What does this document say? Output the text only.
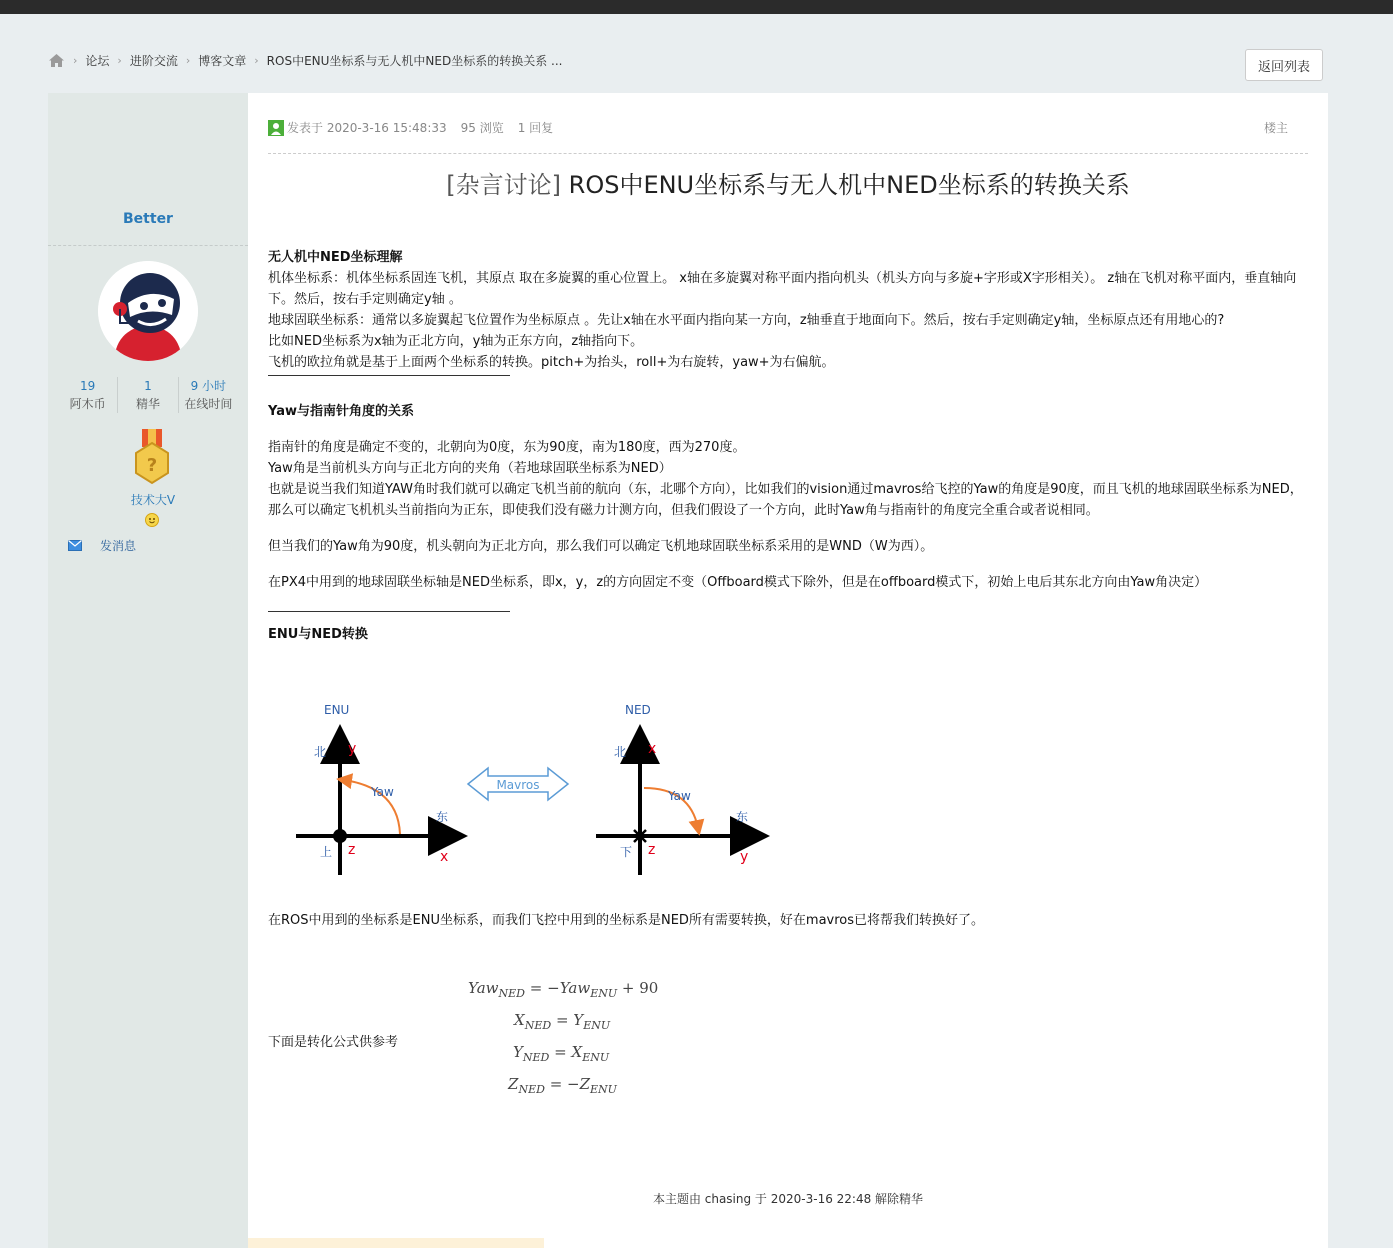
› 论坛 › 进阶交流 › 博客文章 › ROS中ENU坐标系与无人机中NED坐标系的转换关系 ...	返回列表
Better
19
阿木币
1
精华
9 小时
在线时间
?
技术大V
发消息
发表于 2020-3-16 15:48:33 95 浏览 1 回复	楼主
[杂言讨论] ROS中ENU坐标系与无人机中NED坐标系的转换关系

无人机中NED坐标理解

机体坐标系：机体坐标系固连飞机，其原点 取在多旋翼的重心位置上。 x轴在多旋翼对称平面内指向机头（机头方向与多旋+字形或X字形相关）。 z轴在飞机对称平面内，垂直轴向下。然后，按右手定则确定y轴 。

地球固联坐标系：通常以多旋翼起飞位置作为坐标原点 。先让x轴在水平面内指向某一方向，z轴垂直于地面向下。然后，按右手定则确定y轴，坐标原点还有用地心的?

比如NED坐标系为x轴为正北方向，y轴为正东方向，z轴指向下。

飞机的欧拉角就是基于上面两个坐标系的转换。pitch+为抬头，roll+为右旋转，yaw+为右偏航。

Yaw与指南针角度的关系

指南针的角度是确定不变的，北朝向为0度，东为90度，南为180度，西为270度。

Yaw角是当前机头方向与正北方向的夹角（若地球固联坐标系为NED）

也就是说当我们知道YAW角时我们就可以确定飞机当前的航向（东，北哪个方向），比如我们的vision通过mavros给飞控的Yaw的角度是90度，而且飞机的地球固联坐标系为NED，那么可以确定飞机机头当前指向为正东，即使我们没有磁力计测方向，但我们假设了一个方向，此时Yaw角与指南针的角度完全重合或者说相同。

但当我们的Yaw角为90度，机头朝向为正北方向，那么我们可以确定飞机地球固联坐标系采用的是WND（W为西）。

在PX4中用到的地球固联坐标轴是NED坐标系，即x，y，z的方向固定不变（Offboard模式下除外，但是在offboard模式下，初始上电后其东北方向由Yaw角决定）

ENU与NED转换

ENU
北 y
东
x
上 z
Yaw	Mavros
NED
北 x
东
y
下 z
Yaw

在ROS中用到的坐标系是ENU坐标系，而我们飞控中用到的坐标系是NED所有需要转换，好在mavros已将帮我们转换好了。

下面是转化公式供参考
Yaw$_{NED}$ = −Yaw$_{ENU}$ + 90
$X_{NED} = Y_{ENU}$
$Y_{NED} = X_{ENU}$
$Z_{NED} = -Z_{ENU}$
本主题由 chasing 于 2020-3-16 22:48 解除精华
